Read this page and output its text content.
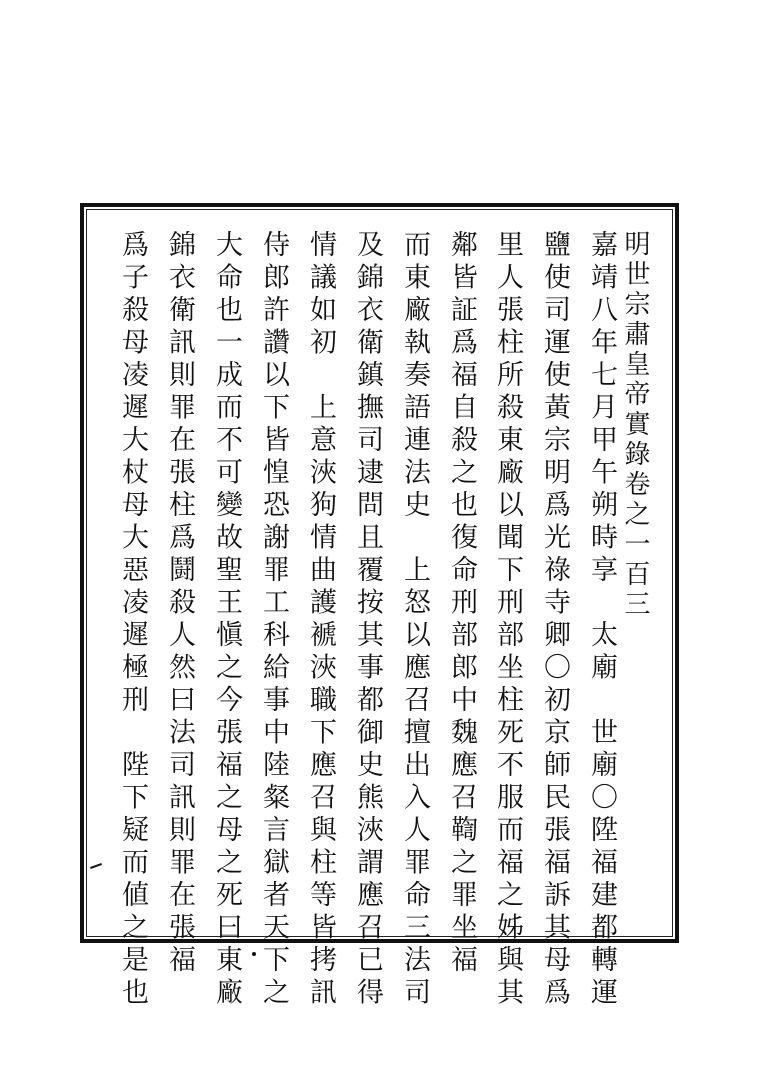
明世宗肅皇帝實錄卷之一百三
嘉靖八年七月甲午朔時享　太廟　世廟〇陞福建都轉運
鹽使司運使黃宗明爲光祿寺卿〇初京師民張福訴其母爲
里人張柱所殺東廠以聞下刑部坐柱死不服而福之姊與其
鄰皆証爲福自殺之也復命刑部郎中魏應召鞫之罪坐福
而東廠執奏語連法史　上怒以應召擅出入人罪命三法司
及錦衣衛鎮撫司逮問且覆按其事都御史熊浹謂應召已得
情議如初　上意浹狗情曲護褫浹職下應召與柱等皆拷訊
侍郎許讚以下皆惶恐謝罪工科給事中陸粲言獄者天下之
大命也一成而不可變故聖王愼之今張福之母之死曰東廠
錦衣衛訊則罪在張柱爲鬪殺人然曰法司訊則罪在張福
爲子殺母凌遲大杖母大惡凌遲極刑　陛下疑而値之是也
